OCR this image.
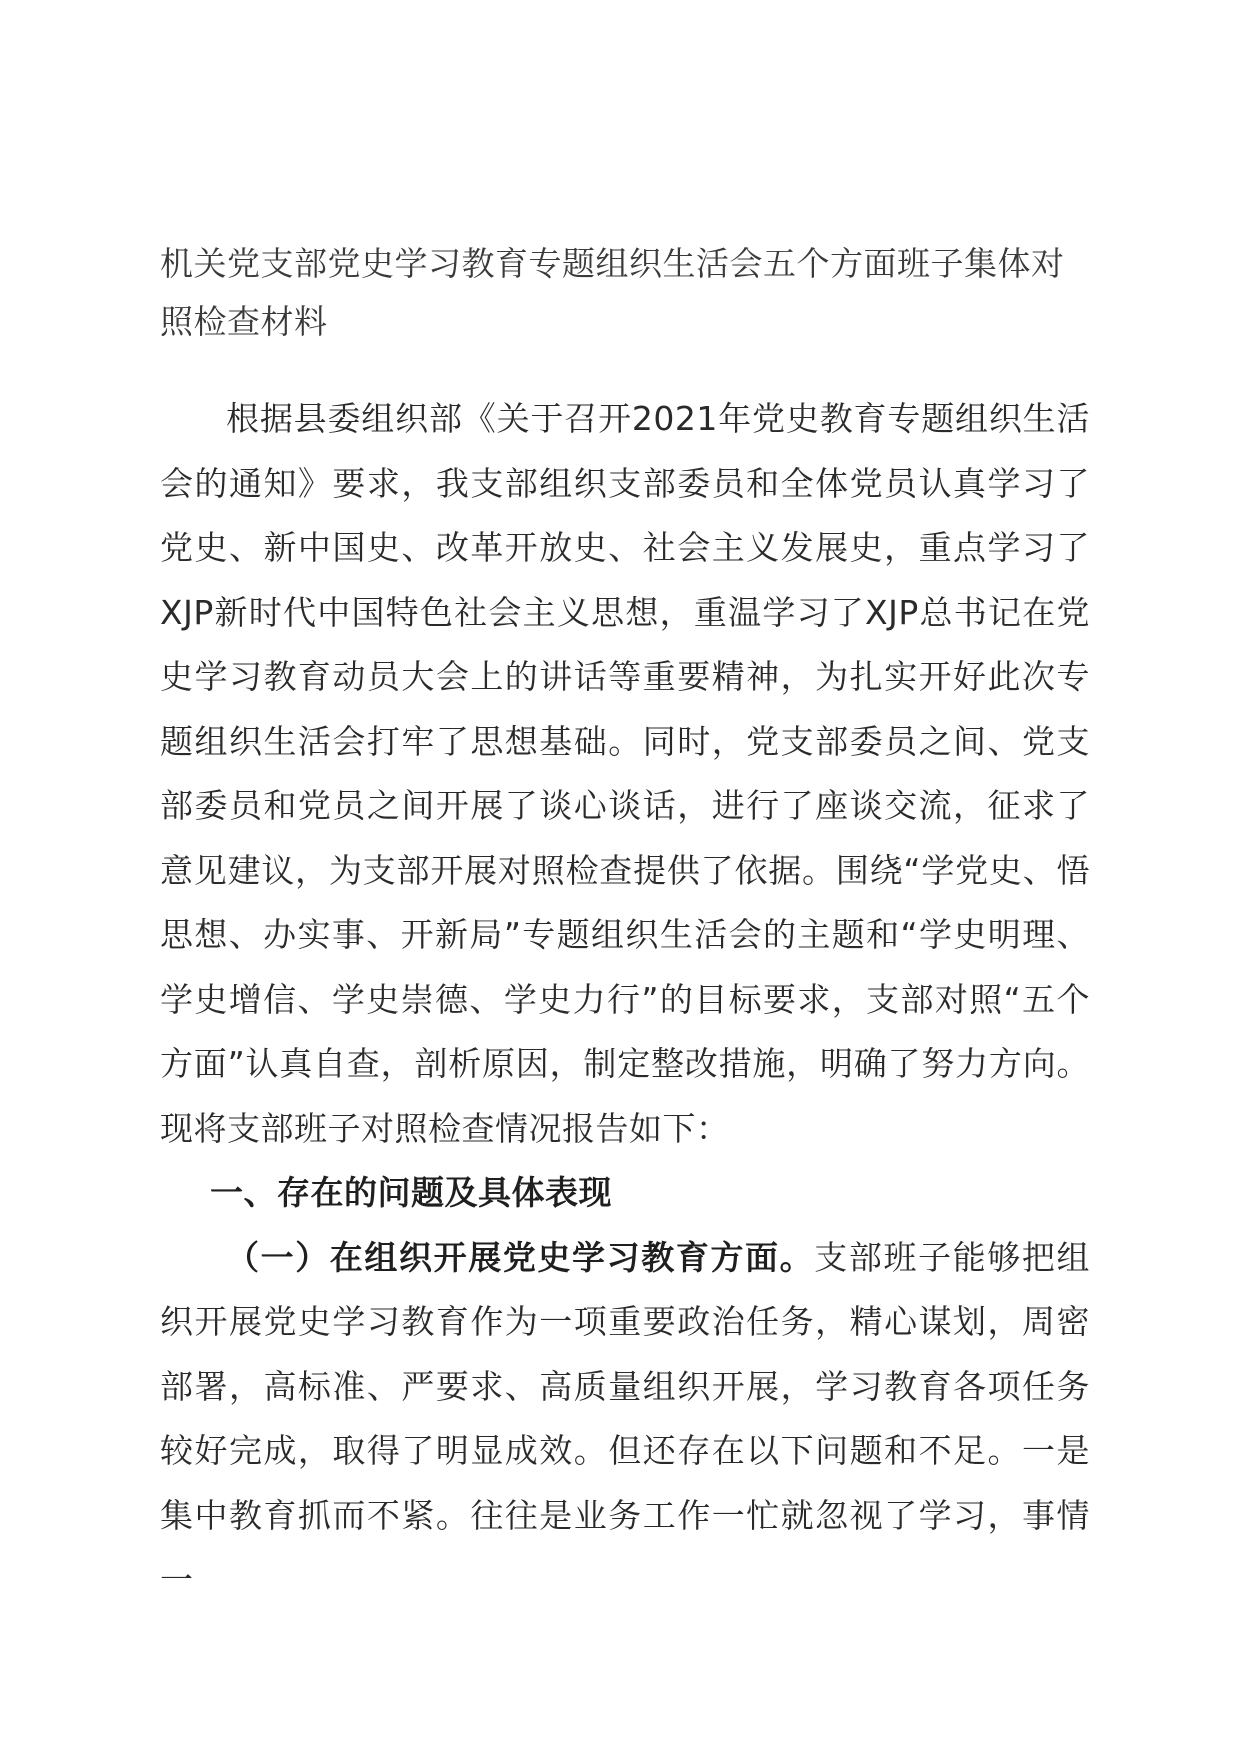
机关党支部党史学习教育专题组织生活会五个方面班子集体对照检查材料

根据县委组织部《关于召开2021年党史教育专题组织生活会的通知》要求，我支部组织支部委员和全体党员认真学习了党史、新中国史、改革开放史、社会主义发展史，重点学习了XJP新时代中国特色社会主义思想，重温学习了XJP总书记在党史学习教育动员大会上的讲话等重要精神，为扎实开好此次专题组织生活会打牢了思想基础。同时，党支部委员之间、党支部委员和党员之间开展了谈心谈话，进行了座谈交流，征求了意见建议，为支部开展对照检查提供了依据。围绕“学党史、悟思想、办实事、开新局”专题组织生活会的主题和“学史明理、学史增信、学史崇德、学史力行”的目标要求，支部对照“五个方面”认真自查，剖析原因，制定整改措施，明确了努力方向。现将支部班子对照检查情况报告如下：

一、存在的问题及具体表现

（一）在组织开展党史学习教育方面。支部班子能够把组织开展党史学习教育作为一项重要政治任务，精心谋划，周密部署，高标准、严要求、高质量组织开展，学习教育各项任务较好完成，取得了明显成效。但还存在以下问题和不足。一是集中教育抓而不紧。往往是业务工作一忙就忽视了学习，事情一
